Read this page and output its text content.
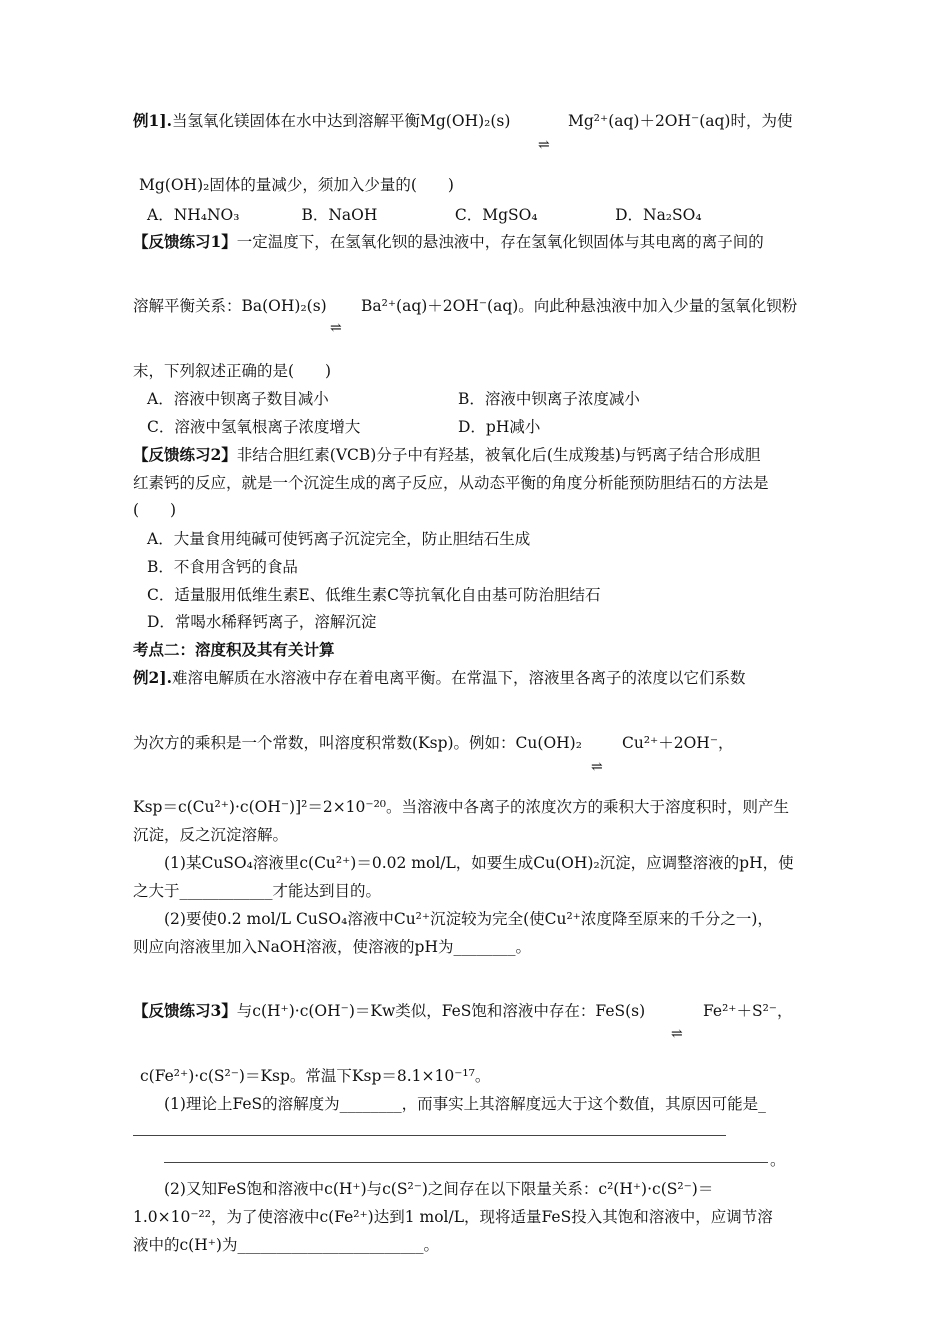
例1].当氢氧化镁固体在水中达到溶解平衡Mg(OH)₂(s)	Mg²⁺(aq)＋2OH⁻(aq)时，为使
⇌
Mg(OH)₂固体的量减少，须加入少量的(　　)
A．NH₄NO₃　　　　B．NaOH　　　　　C．MgSO₄　　　　　D．Na₂SO₄
【反馈练习1】一定温度下，在氢氧化钡的悬浊液中，存在氢氧化钡固体与其电离的离子间的
溶解平衡关系：Ba(OH)₂(s) Ba²⁺(aq)＋2OH⁻(aq)。向此种悬浊液中加入少量的氢氧化钡粉
⇌
末，下列叙述正确的是(　　)
A．溶液中钡离子数目减小	B．溶液中钡离子浓度减小
C．溶液中氢氧根离子浓度增大	D．pH减小
【反馈练习2】非结合胆红素(VCB)分子中有羟基，被氧化后(生成羧基)与钙离子结合形成胆
红素钙的反应，就是一个沉淀生成的离子反应，从动态平衡的角度分析能预防胆结石的方法是
(　　)
A．大量食用纯碱可使钙离子沉淀完全，防止胆结石生成
B．不食用含钙的食品
C．适量服用低维生素E、低维生素C等抗氧化自由基可防治胆结石
D．常喝水稀释钙离子，溶解沉淀
考点二：溶度积及其有关计算
例2].难溶电解质在水溶液中存在着电离平衡。在常温下，溶液里各离子的浓度以它们系数
为次方的乘积是一个常数，叫溶度积常数(Ksp)。例如：Cu(OH)₂	Cu²⁺＋2OH⁻，
⇌
Ksp＝c(Cu²⁺)·c(OH⁻)]²＝2×10⁻²⁰。当溶液中各离子的浓度次方的乘积大于溶度积时，则产生
沉淀，反之沉淀溶解。
(1)某CuSO₄溶液里c(Cu²⁺)＝0.02 mol/L，如要生成Cu(OH)₂沉淀，应调整溶液的pH，使
之大于____________才能达到目的。
(2)要使0.2 mol/L CuSO₄溶液中Cu²⁺沉淀较为完全(使Cu²⁺浓度降至原来的千分之一)，
则应向溶液里加入NaOH溶液，使溶液的pH为________。
【反馈练习3】与c(H⁺)·c(OH⁻)＝Kw类似，FeS饱和溶液中存在：FeS(s)	Fe²⁺＋S²⁻，
⇌
c(Fe²⁺)·c(S²⁻)＝Ksp。常温下Ksp＝8.1×10⁻¹⁷。
(1)理论上FeS的溶解度为________，而事实上其溶解度远大于这个数值，其原因可能是_
。
(2)又知FeS饱和溶液中c(H⁺)与c(S²⁻)之间存在以下限量关系：c²(H⁺)·c(S²⁻)＝
1.0×10⁻²²，为了使溶液中c(Fe²⁺)达到1 mol/L，现将适量FeS投入其饱和溶液中，应调节溶
液中的c(H⁺)为________________________。
